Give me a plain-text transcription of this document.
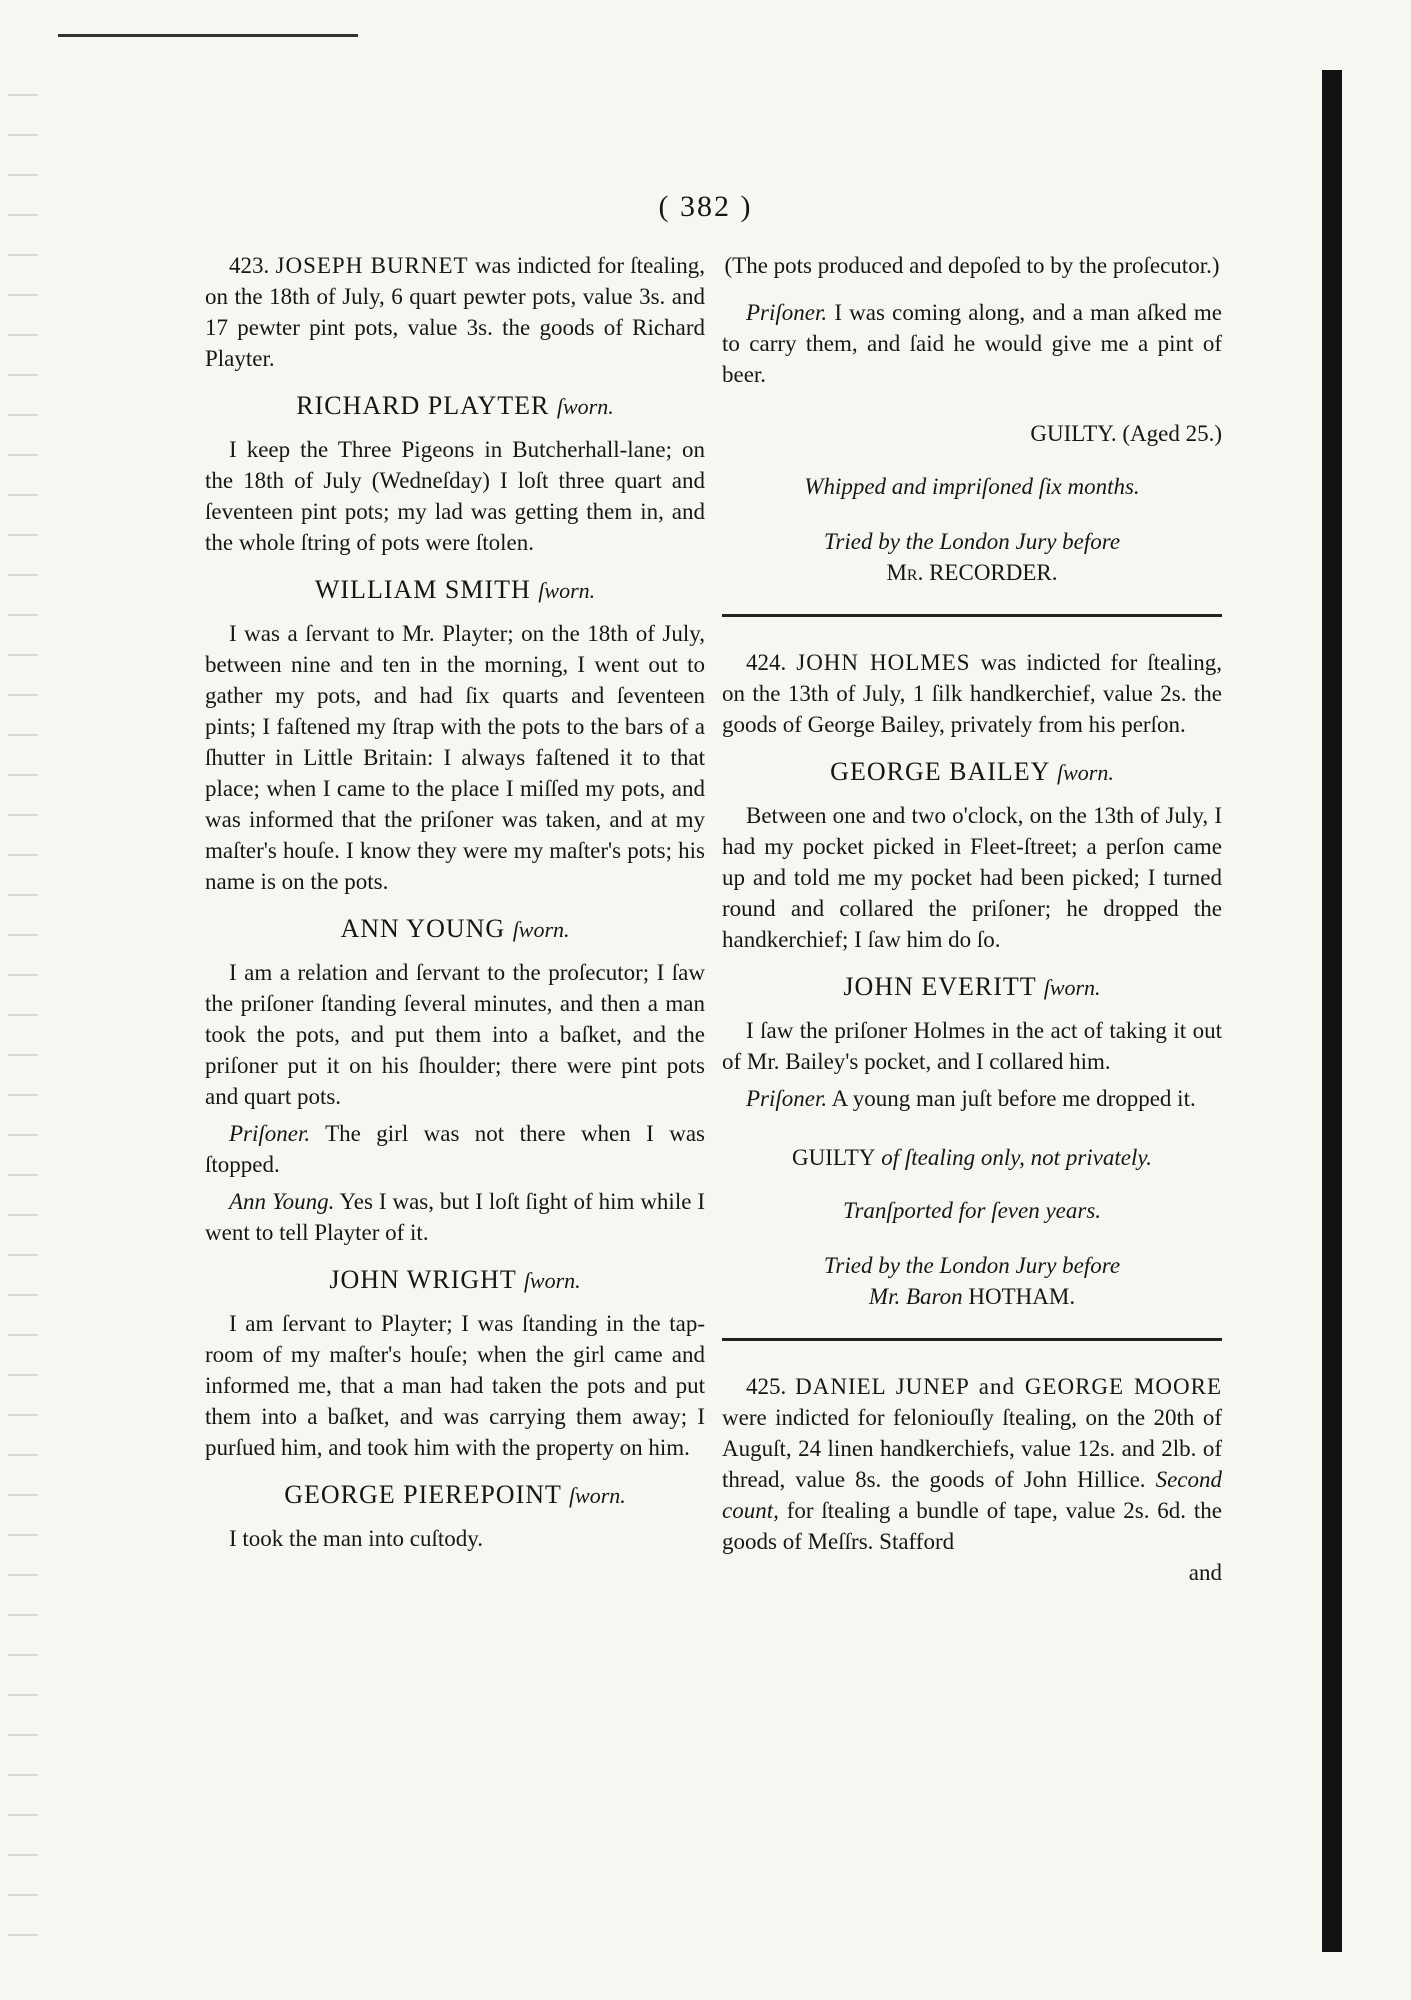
( 382 )

423. JOSEPH BURNET was indicted for ſtealing, on the 18th of July, 6 quart pewter pots, value 3s. and 17 pewter pint pots, value 3s. the goods of Richard Playter.

RICHARD PLAYTER ſworn.

I keep the Three Pigeons in Butcherhall-lane; on the 18th of July (Wedneſday) I loſt three quart and ſeventeen pint pots; my lad was getting them in, and the whole ſtring of pots were ſtolen.

WILLIAM SMITH ſworn.

I was a ſervant to Mr. Playter; on the 18th of July, between nine and ten in the morning, I went out to gather my pots, and had ſix quarts and ſeventeen pints; I faſtened my ſtrap with the pots to the bars of a ſhutter in Little Britain: I always faſtened it to that place; when I came to the place I miſſed my pots, and was informed that the priſoner was taken, and at my maſter's houſe. I know they were my maſter's pots; his name is on the pots.

ANN YOUNG ſworn.

I am a relation and ſervant to the proſecutor; I ſaw the priſoner ſtanding ſeveral minutes, and then a man took the pots, and put them into a baſket, and the priſoner put it on his ſhoulder; there were pint pots and quart pots.

Priſoner. The girl was not there when I was ſtopped.

Ann Young. Yes I was, but I loſt ſight of him while I went to tell Playter of it.

JOHN WRIGHT ſworn.

I am ſervant to Playter; I was ſtanding in the tap-room of my maſter's houſe; when the girl came and informed me, that a man had taken the pots and put them into a baſket, and was carrying them away; I purſued him, and took him with the property on him.

GEORGE PIEREPOINT ſworn.

I took the man into cuſtody.

(The pots produced and depoſed to by the proſecutor.)

Priſoner. I was coming along, and a man aſked me to carry them, and ſaid he would give me a pint of beer.

GUILTY. (Aged 25.)

Whipped and impriſoned ſix months.

Tried by the London Jury before
Mr. RECORDER.

424. JOHN HOLMES was indicted for ſtealing, on the 13th of July, 1 ſilk handkerchief, value 2s. the goods of George Bailey, privately from his perſon.

GEORGE BAILEY ſworn.

Between one and two o'clock, on the 13th of July, I had my pocket picked in Fleet-ſtreet; a perſon came up and told me my pocket had been picked; I turned round and collared the priſoner; he dropped the handkerchief; I ſaw him do ſo.

JOHN EVERITT ſworn.

I ſaw the priſoner Holmes in the act of taking it out of Mr. Bailey's pocket, and I collared him.

Priſoner. A young man juſt before me dropped it.

GUILTY of ſtealing only, not privately.

Tranſported for ſeven years.

Tried by the London Jury before
Mr. Baron HOTHAM.

425. DANIEL JUNEP and GEORGE MOORE were indicted for feloniouſly ſtealing, on the 20th of Auguſt, 24 linen handkerchiefs, value 12s. and 2lb. of thread, value 8s. the goods of John Hillice. Second count, for ſtealing a bundle of tape, value 2s. 6d. the goods of Meſſrs. Stafford

and
